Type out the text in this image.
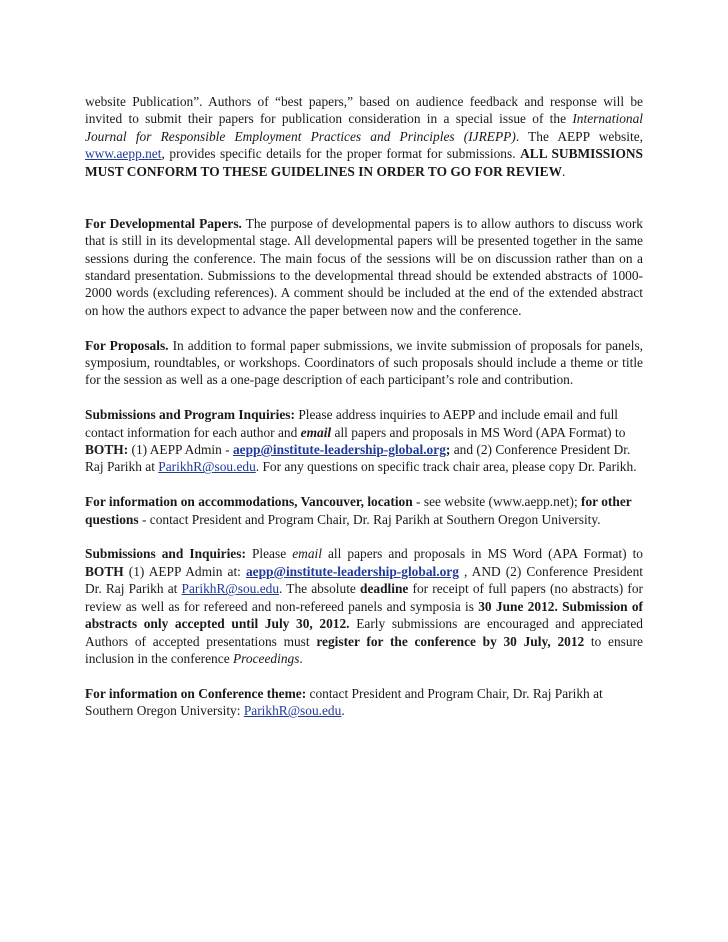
website Publication”. Authors of “best papers,” based on audience feedback and response will be invited to submit their papers for publication consideration in a special issue of the International Journal for Responsible Employment Practices and Principles (IJREPP). The AEPP website, www.aepp.net, provides specific details for the proper format for submissions. ALL SUBMISSIONS MUST CONFORM TO THESE GUIDELINES IN ORDER TO GO FOR REVIEW.

For Developmental Papers. The purpose of developmental papers is to allow authors to discuss work that is still in its developmental stage. All developmental papers will be presented together in the same sessions during the conference. The main focus of the sessions will be on discussion rather than on a standard presentation. Submissions to the developmental thread should be extended abstracts of 1000-2000 words (excluding references). A comment should be included at the end of the extended abstract on how the authors expect to advance the paper between now and the conference.

For Proposals. In addition to formal paper submissions, we invite submission of proposals for panels, symposium, roundtables, or workshops. Coordinators of such proposals should include a theme or title for the session as well as a one-page description of each participant’s role and contribution.

Submissions and Program Inquiries: Please address inquiries to AEPP and include email and full contact information for each author and email all papers and proposals in MS Word (APA Format) to BOTH: (1) AEPP Admin - aepp@institute-leadership-global.org; and (2) Conference President Dr. Raj Parikh at ParikhR@sou.edu. For any questions on specific track chair area, please copy Dr. Parikh.

For information on accommodations, Vancouver, location - see website (www.aepp.net); for other questions - contact President and Program Chair, Dr. Raj Parikh at Southern Oregon University.

Submissions and Inquiries: Please email all papers and proposals in MS Word (APA Format) to BOTH (1) AEPP Admin at: aepp@institute-leadership-global.org , AND (2) Conference President Dr. Raj Parikh at ParikhR@sou.edu. The absolute deadline for receipt of full papers (no abstracts) for review as well as for refereed and non-refereed panels and symposia is 30 June 2012. Submission of abstracts only accepted until July 30, 2012. Early submissions are encouraged and appreciated Authors of accepted presentations must register for the conference by 30 July, 2012 to ensure inclusion in the conference Proceedings.

For information on Conference theme: contact President and Program Chair, Dr. Raj Parikh at Southern Oregon University: ParikhR@sou.edu.
